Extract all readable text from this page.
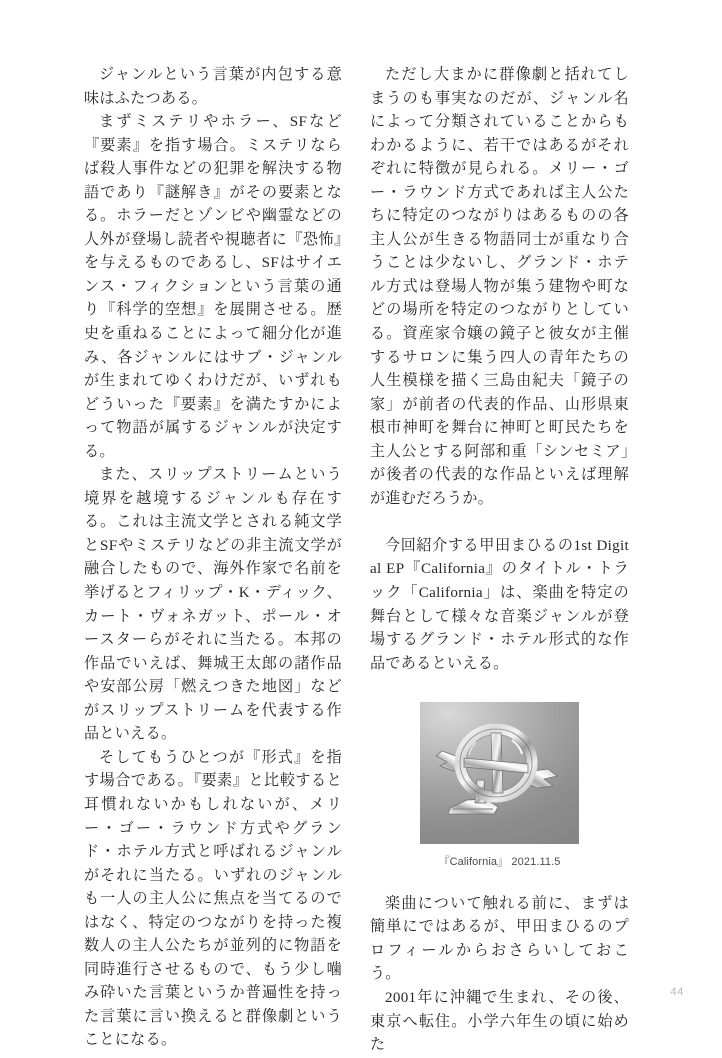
ジャンルという言葉が内包する意味はふたつある。

まずミステリやホラー、SFなど『要素』を指す場合。ミステリならば殺人事件などの犯罪を解決する物語であり『謎解き』がその要素となる。ホラーだとゾンビや幽霊などの人外が登場し読者や視聴者に『恐怖』を与えるものであるし、SFはサイエンス・フィクションという言葉の通り『科学的空想』を展開させる。歴史を重ねることによって細分化が進み、各ジャンルにはサブ・ジャンルが生まれてゆくわけだが、いずれもどういった『要素』を満たすかによって物語が属するジャンルが決定する。

また、スリップストリームという境界を越境するジャンルも存在する。これは主流文学とされる純文学とSFやミステリなどの非主流文学が融合したもので、海外作家で名前を挙げるとフィリップ・K・ディック、カート・ヴォネガット、ポール・オースターらがそれに当たる。本邦の作品でいえば、舞城王太郎の諸作品や安部公房「燃えつきた地図」などがスリップストリームを代表する作品といえる。

そしてもうひとつが『形式』を指す場合である。『要素』と比較すると耳慣れないかもしれないが、メリー・ゴー・ラウンド方式やグランド・ホテル方式と呼ばれるジャンルがそれに当たる。いずれのジャンルも一人の主人公に焦点を当てるのではなく、特定のつながりを持った複数人の主人公たちが並列的に物語を同時進行させるもので、もう少し噛み砕いた言葉というか普遍性を持った言葉に言い換えると群像劇ということになる。

ただし大まかに群像劇と括れてしまうのも事実なのだが、ジャンル名によって分類されていることからもわかるように、若干ではあるがそれぞれに特徴が見られる。メリー・ゴー・ラウンド方式であれば主人公たちに特定のつながりはあるものの各主人公が生きる物語同士が重なり合うことは少ないし、グランド・ホテル方式は登場人物が集う建物や町などの場所を特定のつながりとしている。資産家令嬢の鏡子と彼女が主催するサロンに集う四人の青年たちの人生模様を描く三島由紀夫「鏡子の家」が前者の代表的作品、山形県東根市神町を舞台に神町と町民たちを主人公とする阿部和重「シンセミア」が後者の代表的な作品といえば理解が進むだろうか。

今回紹介する甲田まひるの1st Digital EP『California』のタイトル・トラック「California」は、楽曲を特定の舞台として様々な音楽ジャンルが登場するグランド・ホテル形式的な作品であるといえる。

『California』 2021.11.5

楽曲について触れる前に、まずは簡単にではあるが、甲田まひるのプロフィールからおさらいしておこう。

2001年に沖縄で生まれ、その後、東京へ転住。小学六年生の頃に始めた

44
